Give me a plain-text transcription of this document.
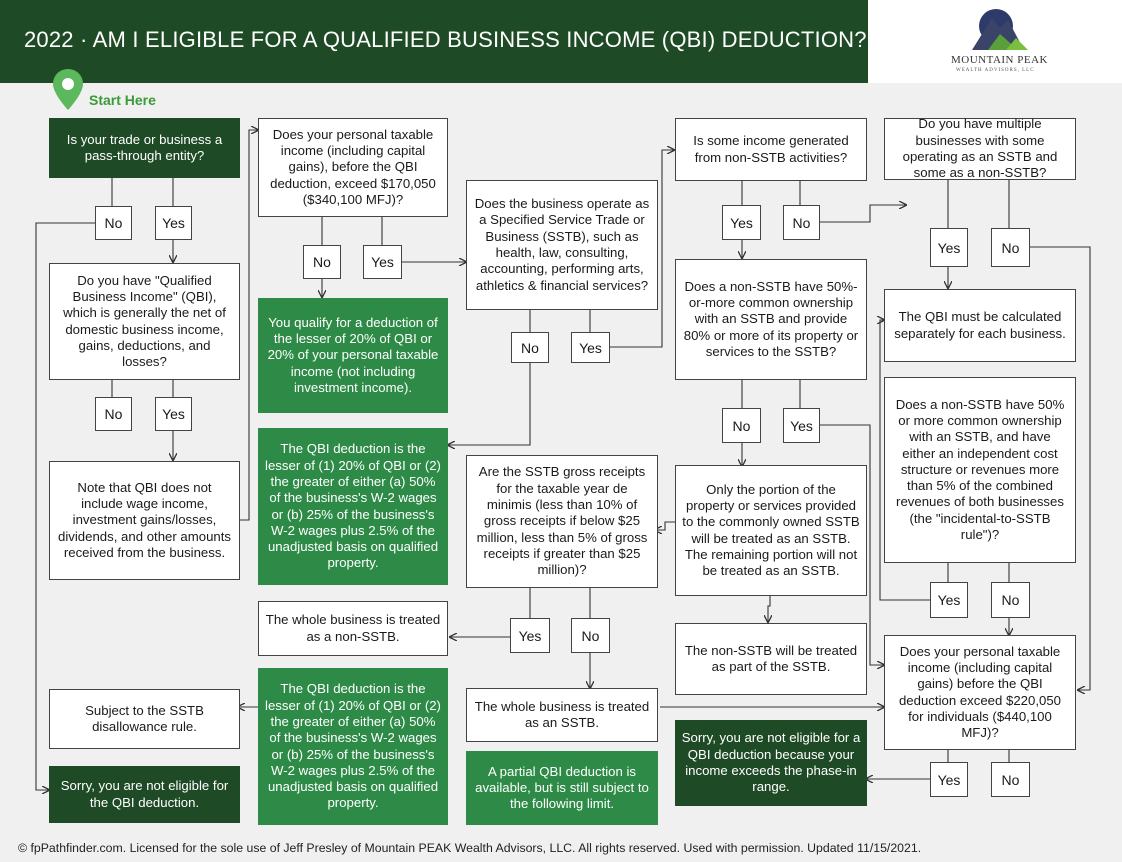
2022 · AM I ELIGIBLE FOR A QUALIFIED BUSINESS INCOME (QBI) DEDUCTION?
MOUNTAIN PEAK
WEALTH ADVISORS, LLC
Start Here
Is your trade or business a pass-through entity?
No	Yes
Do you have "Qualified Business Income" (QBI), which is generally the net of domestic business income, gains, deductions, and losses?
No	Yes
Note that QBI does not include wage income, investment gains/losses, dividends, and other amounts received from the business.
Subject to the SSTB disallowance rule.
Sorry, you are not eligible for the QBI deduction.
Does your personal taxable income (including capital gains), before the QBI deduction, exceed $170,050 ($340,100 MFJ)?
No	Yes
You qualify for a deduction of the lesser of 20% of QBI or 20% of your personal taxable income (not including investment income).
The QBI deduction is the lesser of (1) 20% of QBI or (2) the greater of either (a) 50% of the business's W-2 wages or (b) 25% of the business's W-2 wages plus 2.5% of the unadjusted basis on qualified property.
The whole business is treated as a non-SSTB.
The QBI deduction is the lesser of (1) 20% of QBI or (2) the greater of either (a) 50% of the business's W-2 wages or (b) 25% of the business's W-2 wages plus 2.5% of the unadjusted basis on qualified property.
Does the business operate as a Specified Service Trade or Business (SSTB), such as health, law, consulting, accounting, performing arts, athletics & financial services?
No	Yes
Are the SSTB gross receipts for the taxable year de minimis (less than 10% of gross receipts if below $25 million, less than 5% of gross receipts if greater than $25 million)?
Yes	No
The whole business is treated as an SSTB.
A partial QBI deduction is available, but is still subject to the following limit.
Is some income generated from non-SSTB activities?
Yes	No
Does a non-SSTB have 50%-or-more common ownership with an SSTB and provide 80% or more of its property or services to the SSTB?
No	Yes
Only the portion of the property or services provided to the commonly owned SSTB will be treated as an SSTB. The remaining portion will not be treated as an SSTB.
The non-SSTB will be treated as part of the SSTB.
Sorry, you are not eligible for a QBI deduction because your income exceeds the phase-in range.
Do you have multiple businesses with some operating as an SSTB and some as a non-SSTB?
Yes	No
The QBI must be calculated separately for each business.
Does a non-SSTB have 50% or more common ownership with an SSTB, and have either an independent cost structure or revenues more than 5% of the combined revenues of both businesses (the "incidental-to-SSTB rule")?
Yes	No
Does your personal taxable income (including capital gains) before the QBI deduction exceed $220,050 for individuals ($440,100 MFJ)?
Yes	No
© fpPathfinder.com. Licensed for the sole use of Jeff Presley of Mountain PEAK Wealth Advisors, LLC. All rights reserved. Used with permission. Updated 11/15/2021.
